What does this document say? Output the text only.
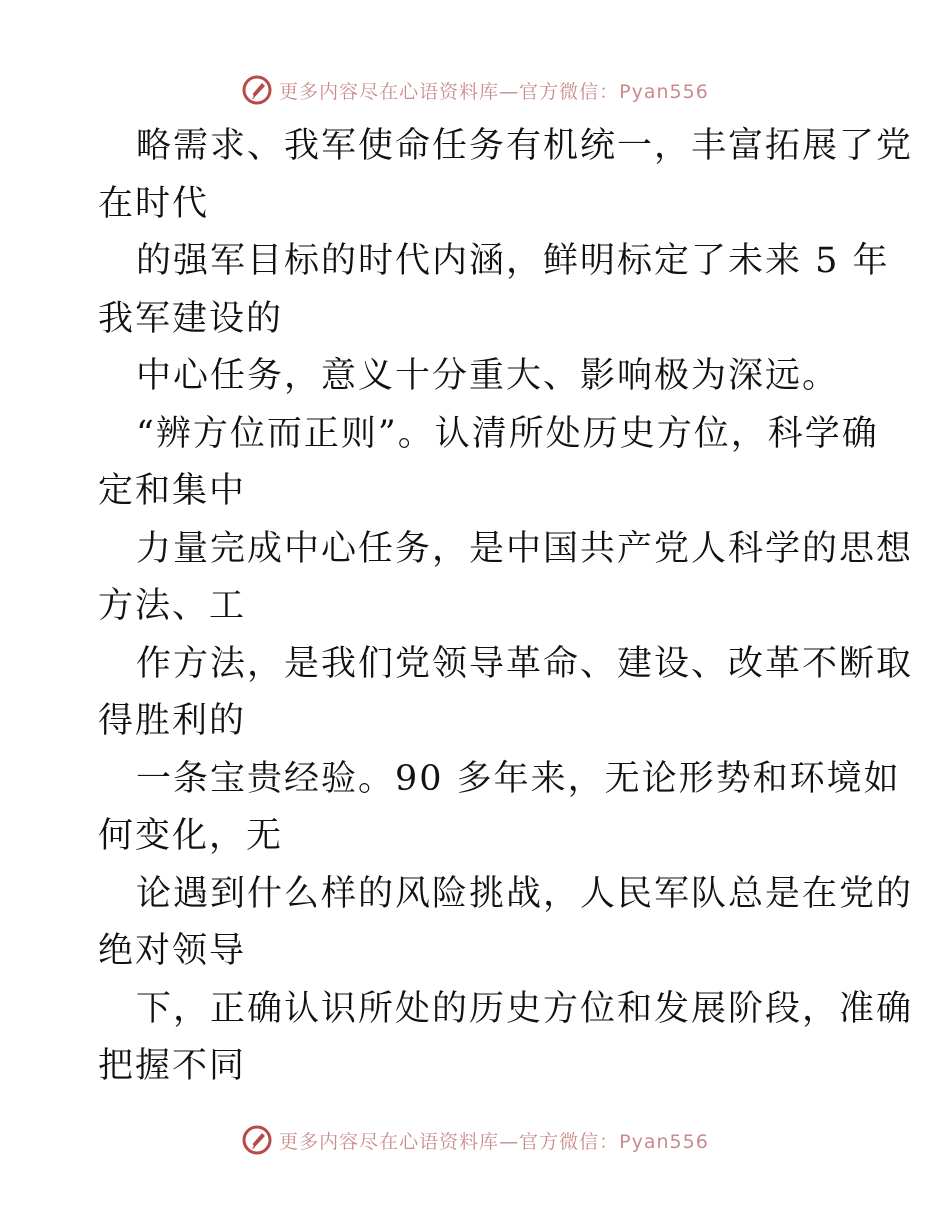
更多内容尽在心语资料库—官方微信：Pyan556
略需求、我军使命任务有机统一，丰富拓展了党
在时代
的强军目标的时代内涵，鲜明标定了未来 5 年
我军建设的
中心任务，意义十分重大、影响极为深远。
“辨方位而正则”。认清所处历史方位，科学确
定和集中
力量完成中心任务，是中国共产党人科学的思想
方法、工
作方法，是我们党领导革命、建设、改革不断取
得胜利的
一条宝贵经验。90 多年来，无论形势和环境如
何变化，无
论遇到什么样的风险挑战，人民军队总是在党的
绝对领导
下，正确认识所处的历史方位和发展阶段，准确
把握不同
更多内容尽在心语资料库—官方微信：Pyan556
